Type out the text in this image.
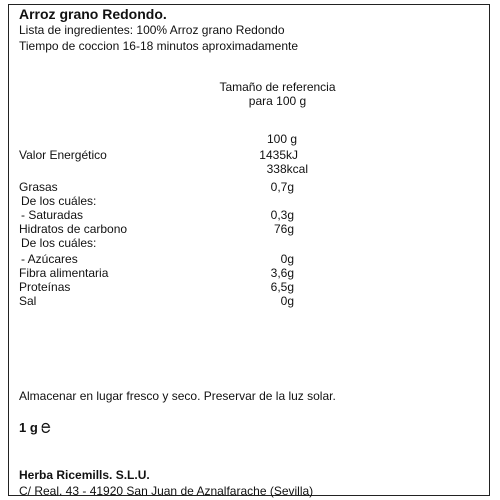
Arroz grano Redondo.
Lista de ingredientes: 100% Arroz grano Redondo
Tiempo de coccion 16-18 minutos aproximadamente
Tamaño de referencia
para 100 g
100 g
Valor Energético	1435kJ
338kcal
Grasas	0,7g
De los cuáles:
- Saturadas	0,3g
Hidratos de carbono	76g
De los cuáles:
- Azúcares	0g
Fibra alimentaria	3,6g
Proteínas	6,5g
Sal	0g
Almacenar en lugar fresco y seco. Preservar de la luz solar.
1 g
Herba Ricemills. S.L.U.
C/ Real. 43 - 41920 San Juan de Aznalfarache (Sevilla)
